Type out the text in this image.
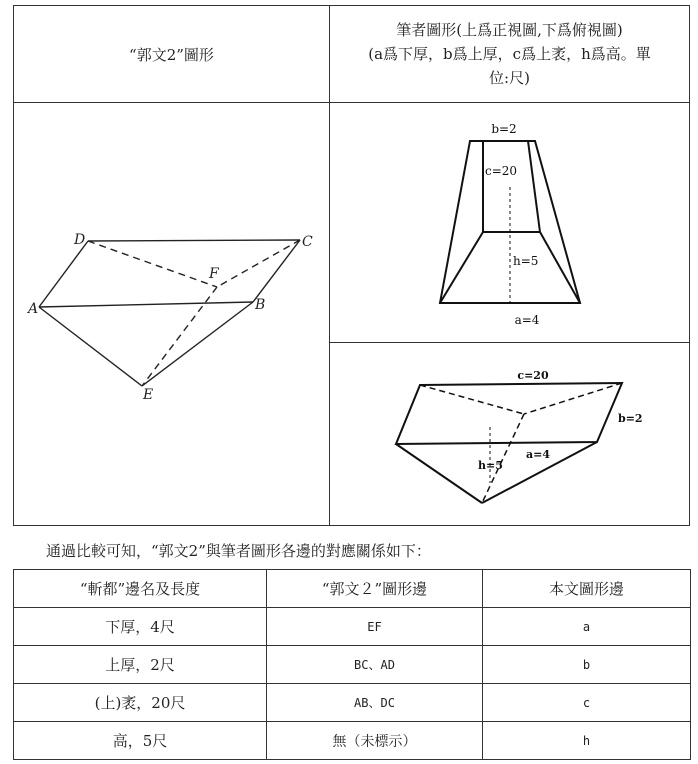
“郭文2”圖形
筆者圖形(上爲正視圖,下爲俯視圖)
(a爲下厚，b爲上厚，c爲上袤，h爲高。單
位:尺)
D	C
A	B
E
F
b=2
c=20
h=5
a=4
c=20
b=2
h=5
a=4
通過比較可知，“郭文2”與筆者圖形各邊的對應關係如下：
“斬都”邊名及長度	“郭文２”圖形邊	本文圖形邊
下厚，4尺	EF	a
上厚，2尺	BC、AD	b
(上)袤，20尺	AB、DC	c
高，5尺	無（未標示）	h
